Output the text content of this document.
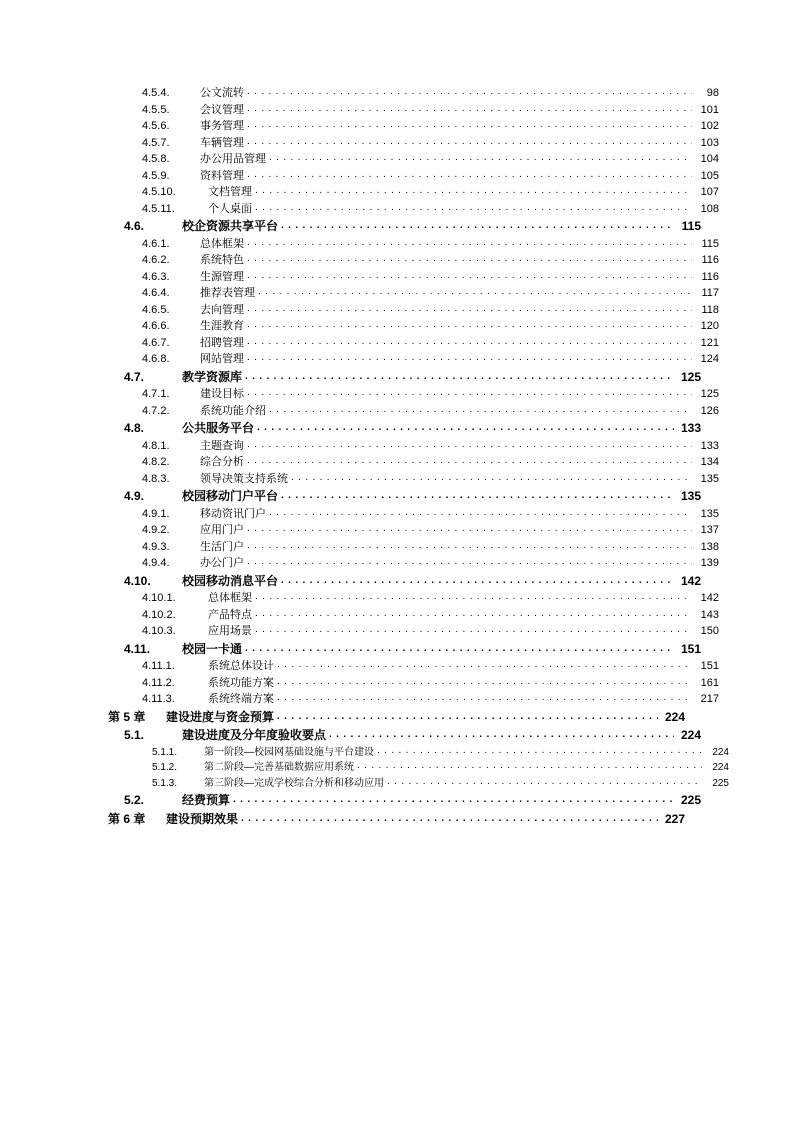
4.5.4.	公文流转 . . .	98
4.5.5.	会议管理 . . .	101
4.5.6.	事务管理 . . .	102
4.5.7.	车辆管理 . . .	103
4.5.8.	办公用品管理 . . .	104
4.5.9.	资料管理 . . .	105
4.5.10.	文档管理 . . .	107
4.5.11.	个人桌面 . . .	108
4.6.	校企资源共享平台 . . .	115
4.6.1.	总体框架 . . .	115
4.6.2.	系统特色 . . .	116
4.6.3.	生源管理 . . .	116
4.6.4.	推荐表管理 . . .	117
4.6.5.	去向管理 . . .	118
4.6.6.	生涯教育 . . .	120
4.6.7.	招聘管理 . . .	121
4.6.8.	网站管理 . . .	124
4.7.	教学资源库 . . .	125
4.7.1.	建设目标 . . .	125
4.7.2.	系统功能介绍 . . .	126
4.8.	公共服务平台 . . .	133
4.8.1.	主题查询 . . .	133
4.8.2.	综合分析 . . .	134
4.8.3.	领导决策支持系统 . . .	135
4.9.	校园移动门户平台 . . .	135
4.9.1.	移动资讯门户 . . .	135
4.9.2.	应用门户 . . .	137
4.9.3.	生活门户 . . .	138
4.9.4.	办公门户 . . .	139
4.10.	校园移动消息平台 . . .	142
4.10.1.	总体框架 . . .	142
4.10.2.	产品特点 . . .	143
4.10.3.	应用场景 . . .	150
4.11.	校园一卡通 . . .	151
4.11.1.	系统总体设计 . . .	151
4.11.2.	系统功能方案 . . .	161
4.11.3.	系统终端方案 . . .	217
第 5 章	建设进度与资金预算 . . .	224
5.1.	建设进度及分年度验收要点 . . .	224
5.1.1.	第一阶段—校园网基础设施与平台建设 . . .	224
5.1.2.	第二阶段—完善基础数据应用系统 . . .	224
5.1.3.	第三阶段—完成学校综合分析和移动应用 . . .	225
5.2.	经费预算 . . .	225
第 6 章	建设预期效果 . . .	227
